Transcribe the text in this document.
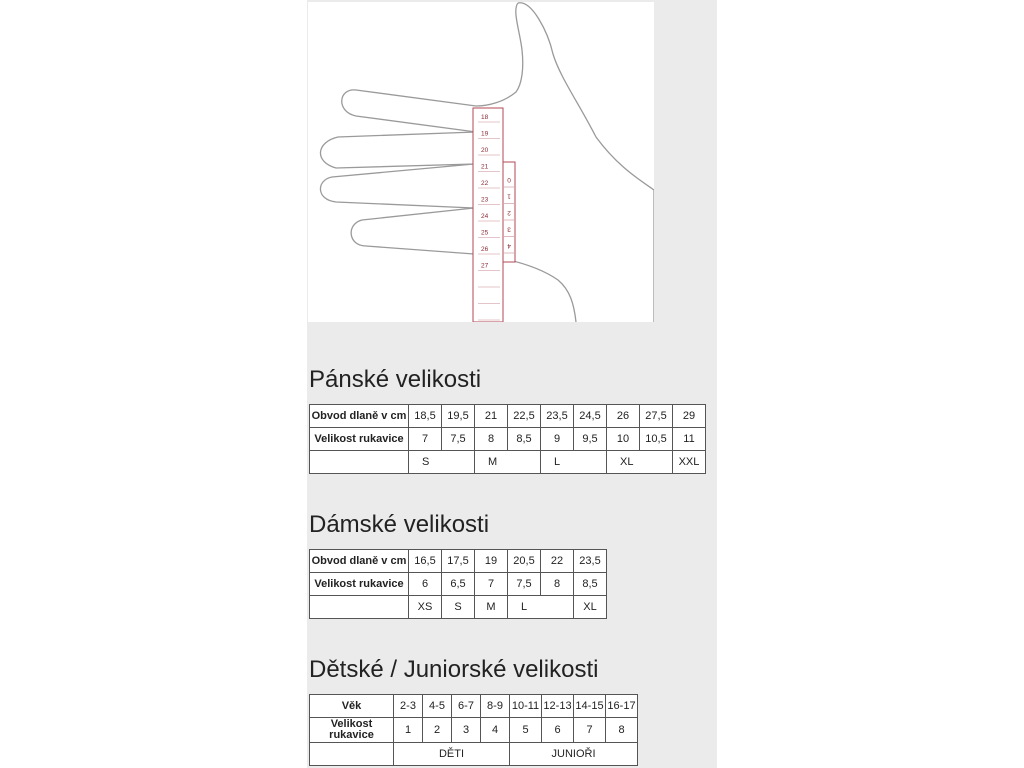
18
19
20
21
22
23
24
25
26
27
0
1
2
3
4
Pánské velikosti
Obvod dlaně v cm	18,5	19,5	21	22,5	23,5	24,5	26	27,5	29
Velikost rukavice	7	7,5	8	8,5	9	9,5	10	10,5	11
	S		M		L		XL		XXL
Dámské velikosti
Obvod dlaně v cm	16,5	17,5	19	20,5	22	23,5
Velikost rukavice	6	6,5	7	7,5	8	8,5
	XS	S	M	L		XL
Dětské / Juniorské velikosti
Věk	2-3	4-5	6-7	8-9	10-11	12-13	14-15	16-17
Velikost rukavice	1	2	3	4	5	6	7	8
	DĚTI				JUNIOŘI			
